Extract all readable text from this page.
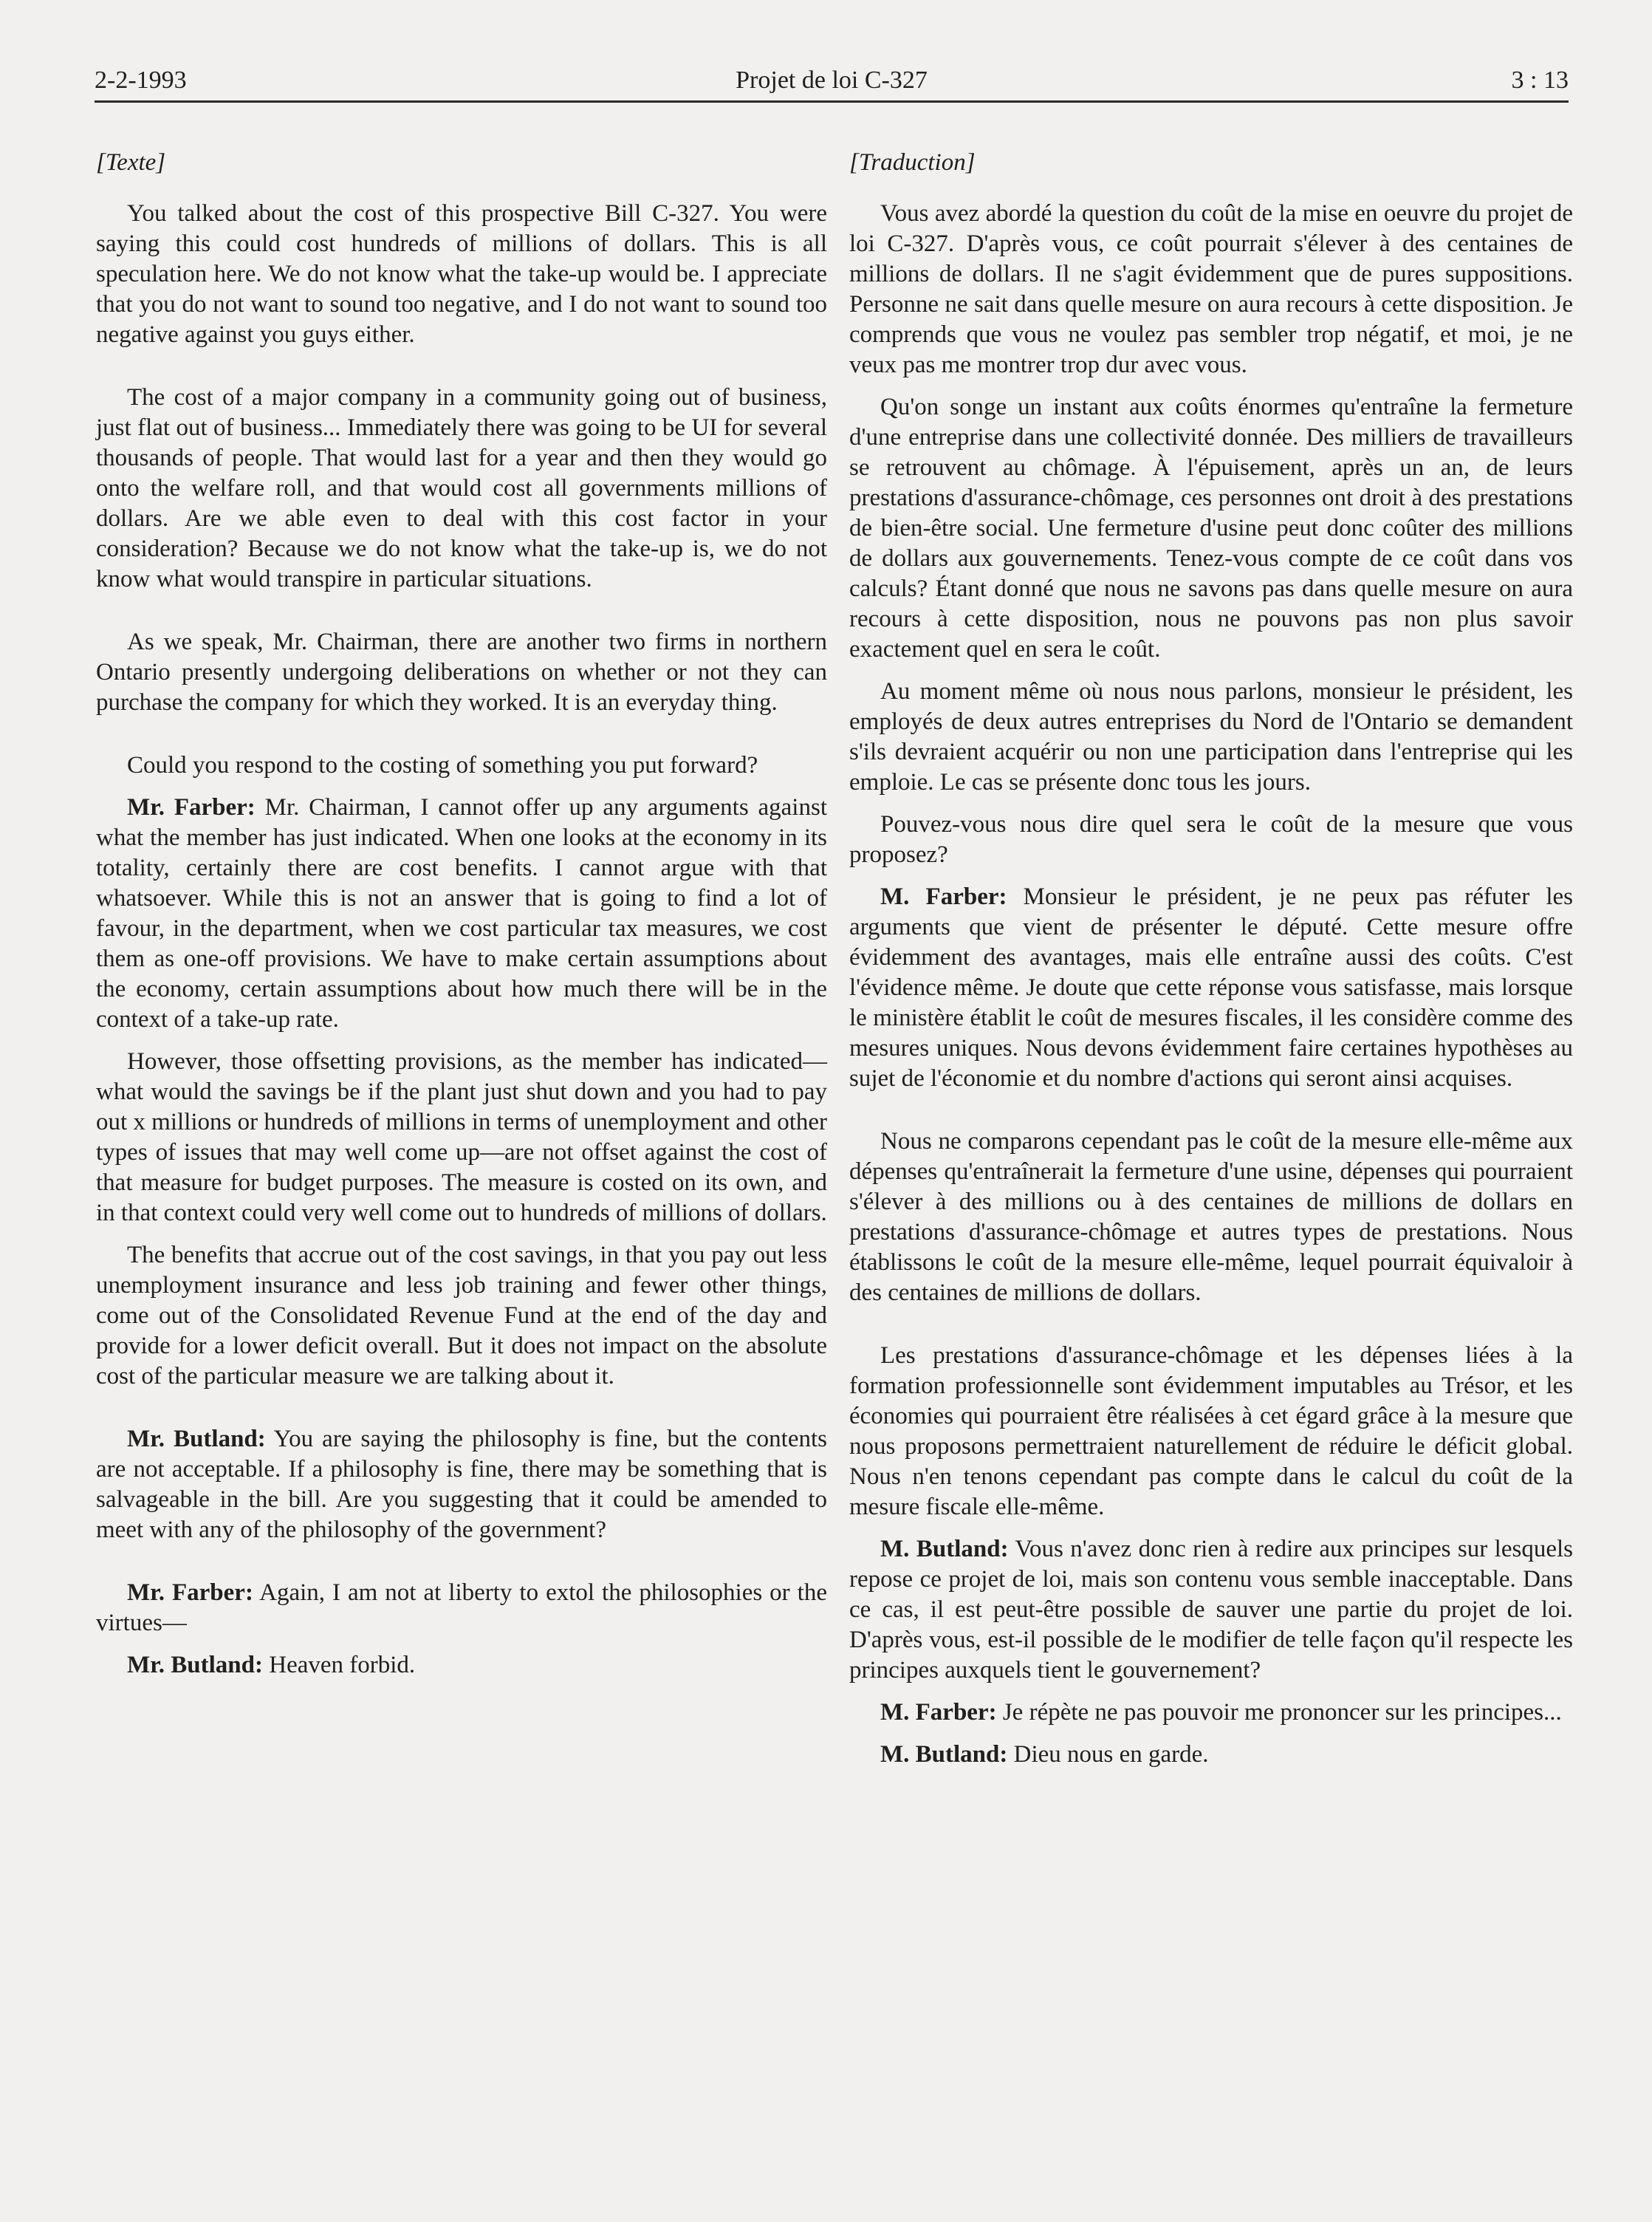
2-2-1993	Projet de loi C-327	3 : 13

[Texte]

You talked about the cost of this prospective Bill C-327. You were saying this could cost hundreds of millions of dollars. This is all speculation here. We do not know what the take-up would be. I appreciate that you do not want to sound too negative, and I do not want to sound too negative against you guys either.

The cost of a major company in a community going out of business, just flat out of business... Immediately there was going to be UI for several thousands of people. That would last for a year and then they would go onto the welfare roll, and that would cost all governments millions of dollars. Are we able even to deal with this cost factor in your consideration? Because we do not know what the take-up is, we do not know what would transpire in particular situations.

As we speak, Mr. Chairman, there are another two firms in northern Ontario presently undergoing deliberations on whether or not they can purchase the company for which they worked. It is an everyday thing.

Could you respond to the costing of something you put forward?

Mr. Farber: Mr. Chairman, I cannot offer up any arguments against what the member has just indicated. When one looks at the economy in its totality, certainly there are cost benefits. I cannot argue with that whatsoever. While this is not an answer that is going to find a lot of favour, in the department, when we cost particular tax measures, we cost them as one-off provisions. We have to make certain assumptions about the economy, certain assumptions about how much there will be in the context of a take-up rate.

However, those offsetting provisions, as the member has indicated—what would the savings be if the plant just shut down and you had to pay out x millions or hundreds of millions in terms of unemployment and other types of issues that may well come up—are not offset against the cost of that measure for budget purposes. The measure is costed on its own, and in that context could very well come out to hundreds of millions of dollars.

The benefits that accrue out of the cost savings, in that you pay out less unemployment insurance and less job training and fewer other things, come out of the Consolidated Revenue Fund at the end of the day and provide for a lower deficit overall. But it does not impact on the absolute cost of the particular measure we are talking about it.

Mr. Butland: You are saying the philosophy is fine, but the contents are not acceptable. If a philosophy is fine, there may be something that is salvageable in the bill. Are you suggesting that it could be amended to meet with any of the philosophy of the government?

Mr. Farber: Again, I am not at liberty to extol the philosophies or the virtues—

Mr. Butland: Heaven forbid.

[Traduction]

Vous avez abordé la question du coût de la mise en oeuvre du projet de loi C-327. D'après vous, ce coût pourrait s'élever à des centaines de millions de dollars. Il ne s'agit évidemment que de pures suppositions. Personne ne sait dans quelle mesure on aura recours à cette disposition. Je comprends que vous ne voulez pas sembler trop négatif, et moi, je ne veux pas me montrer trop dur avec vous.

Qu'on songe un instant aux coûts énormes qu'entraîne la fermeture d'une entreprise dans une collectivité donnée. Des milliers de travailleurs se retrouvent au chômage. À l'épuisement, après un an, de leurs prestations d'assurance-chômage, ces personnes ont droit à des prestations de bien-être social. Une fermeture d'usine peut donc coûter des millions de dollars aux gouvernements. Tenez-vous compte de ce coût dans vos calculs? Étant donné que nous ne savons pas dans quelle mesure on aura recours à cette disposition, nous ne pouvons pas non plus savoir exactement quel en sera le coût.

Au moment même où nous nous parlons, monsieur le président, les employés de deux autres entreprises du Nord de l'Ontario se demandent s'ils devraient acquérir ou non une participation dans l'entreprise qui les emploie. Le cas se présente donc tous les jours.

Pouvez-vous nous dire quel sera le coût de la mesure que vous proposez?

M. Farber: Monsieur le président, je ne peux pas réfuter les arguments que vient de présenter le député. Cette mesure offre évidemment des avantages, mais elle entraîne aussi des coûts. C'est l'évidence même. Je doute que cette réponse vous satisfasse, mais lorsque le ministère établit le coût de mesures fiscales, il les considère comme des mesures uniques. Nous devons évidemment faire certaines hypothèses au sujet de l'économie et du nombre d'actions qui seront ainsi acquises.

Nous ne comparons cependant pas le coût de la mesure elle-même aux dépenses qu'entraînerait la fermeture d'une usine, dépenses qui pourraient s'élever à des millions ou à des centaines de millions de dollars en prestations d'assurance-chômage et autres types de prestations. Nous établissons le coût de la mesure elle-même, lequel pourrait équivaloir à des centaines de millions de dollars.

Les prestations d'assurance-chômage et les dépenses liées à la formation professionnelle sont évidemment imputables au Trésor, et les économies qui pourraient être réalisées à cet égard grâce à la mesure que nous proposons permettraient naturellement de réduire le déficit global. Nous n'en tenons cependant pas compte dans le calcul du coût de la mesure fiscale elle-même.

M. Butland: Vous n'avez donc rien à redire aux principes sur lesquels repose ce projet de loi, mais son contenu vous semble inacceptable. Dans ce cas, il est peut-être possible de sauver une partie du projet de loi. D'après vous, est-il possible de le modifier de telle façon qu'il respecte les principes auxquels tient le gouvernement?

M. Farber: Je répète ne pas pouvoir me prononcer sur les principes...

M. Butland: Dieu nous en garde.
